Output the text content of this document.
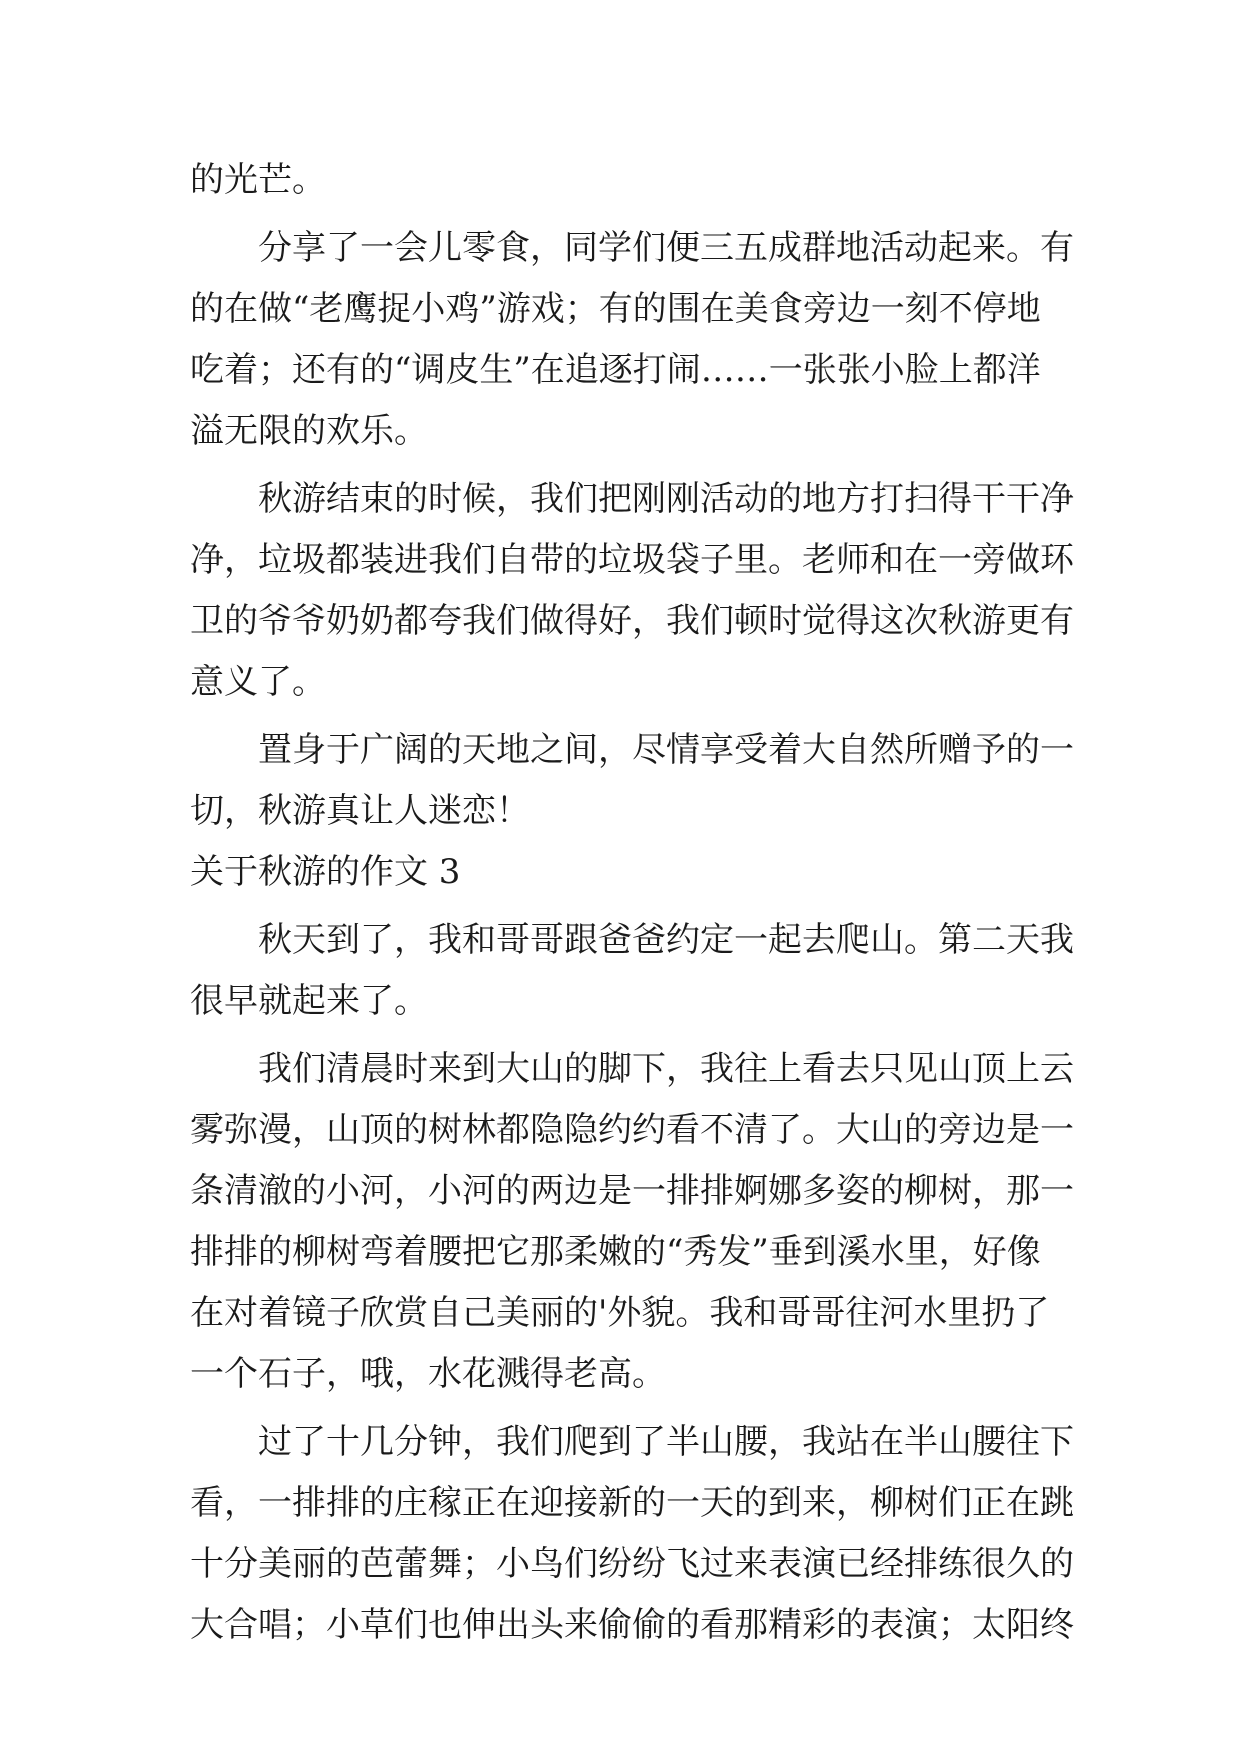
的光芒。
分享了一会儿零食，同学们便三五成群地活动起来。有
的在做“老鹰捉小鸡”游戏；有的围在美食旁边一刻不停地
吃着；还有的“调皮生”在追逐打闹……一张张小脸上都洋
溢无限的欢乐。
秋游结束的时候，我们把刚刚活动的地方打扫得干干净
净，垃圾都装进我们自带的垃圾袋子里。老师和在一旁做环
卫的爷爷奶奶都夸我们做得好，我们顿时觉得这次秋游更有
意义了。
置身于广阔的天地之间，尽情享受着大自然所赠予的一
切，秋游真让人迷恋！
关于秋游的作文 3
秋天到了，我和哥哥跟爸爸约定一起去爬山。第二天我
很早就起来了。
我们清晨时来到大山的脚下，我往上看去只见山顶上云
雾弥漫，山顶的树林都隐隐约约看不清了。大山的旁边是一
条清澈的小河，小河的两边是一排排婀娜多姿的柳树，那一
排排的柳树弯着腰把它那柔嫩的“秀发”垂到溪水里，好像
在对着镜子欣赏自己美丽的'外貌。我和哥哥往河水里扔了
一个石子，哦，水花溅得老高。
过了十几分钟，我们爬到了半山腰，我站在半山腰往下
看，一排排的庄稼正在迎接新的一天的到来，柳树们正在跳
十分美丽的芭蕾舞；小鸟们纷纷飞过来表演已经排练很久的
大合唱；小草们也伸出头来偷偷的看那精彩的表演；太阳终
